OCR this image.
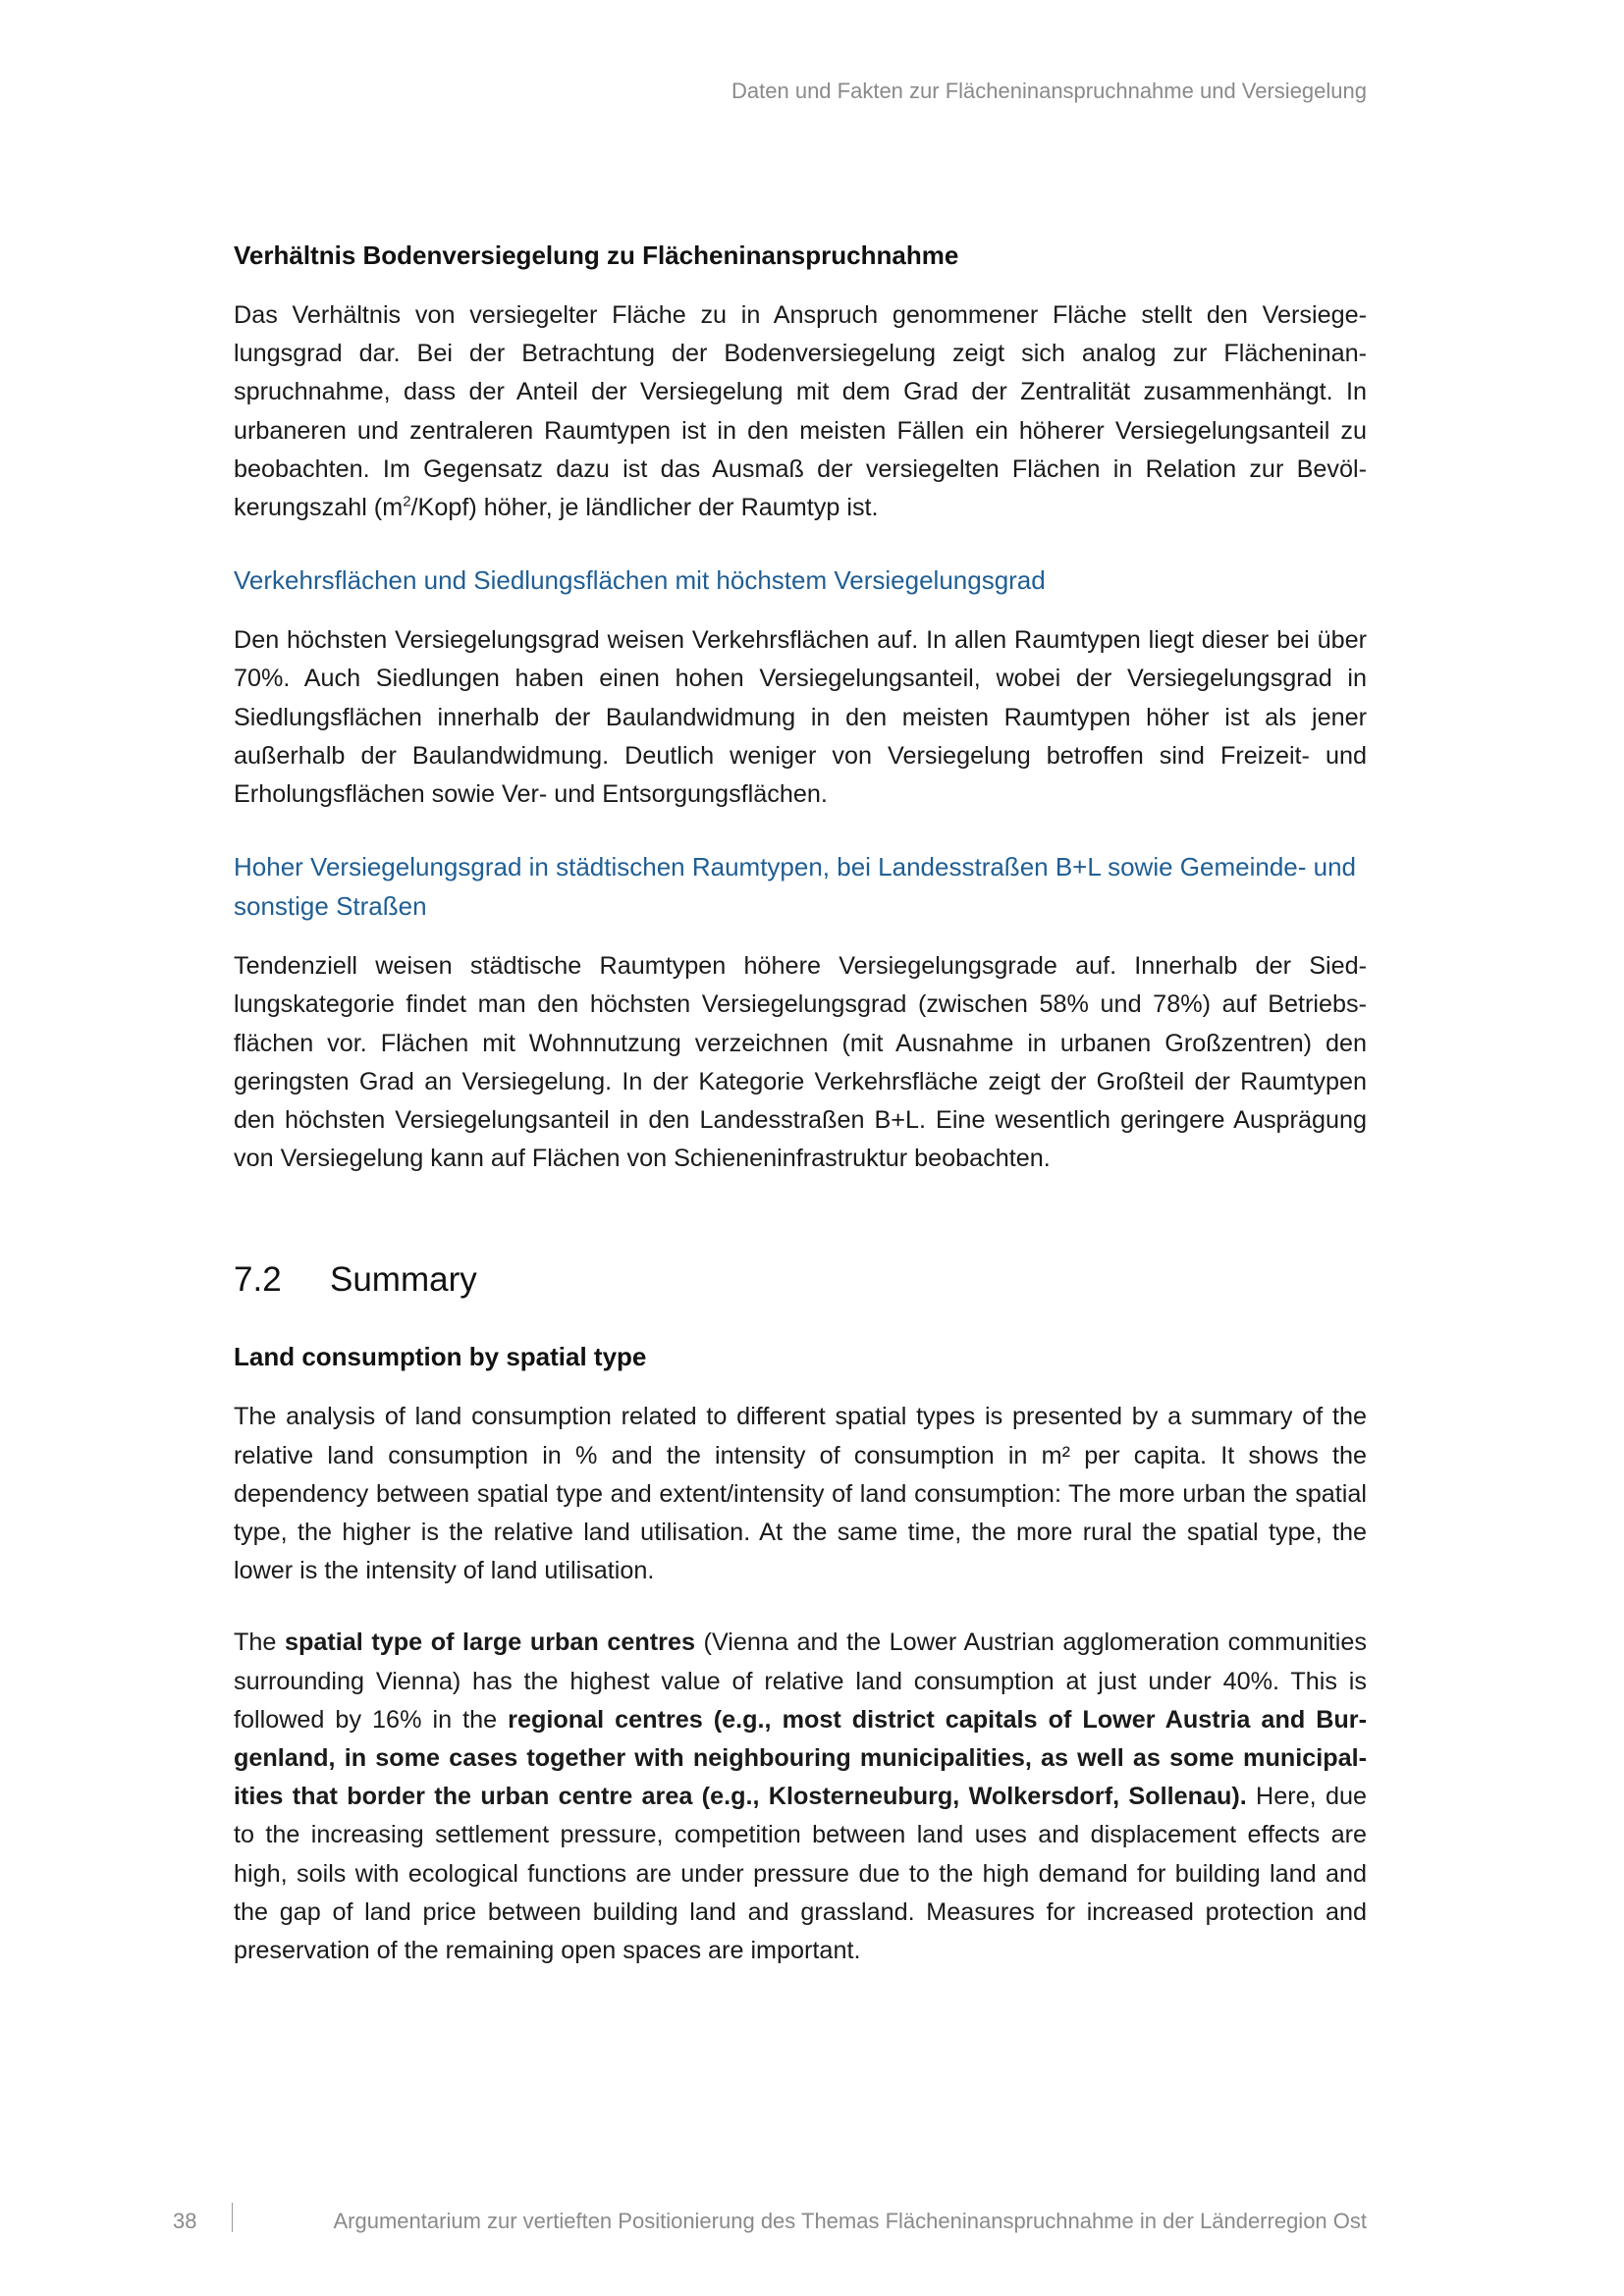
Daten und Fakten zur Flächeninanspruchnahme und Versiegelung
Verhältnis Bodenversiegelung zu Flächeninanspruchnahme

Das Verhältnis von versiegelter Fläche zu in Anspruch genommener Fläche stellt den Versiegelungsgrad dar. Bei der Betrachtung der Bodenversiegelung zeigt sich analog zur Flächeninanspruchnahme, dass der Anteil der Versiegelung mit dem Grad der Zentralität zusammenhängt. In urbaneren und zentraleren Raumtypen ist in den meisten Fällen ein höherer Versiegelungsanteil zu beobachten. Im Gegensatz dazu ist das Ausmaß der versiegelten Flächen in Relation zur Bevölkerungszahl $(m^2/Kopf)$ höher, je ländlicher der Raumtyp ist.

Verkehrsflächen und Siedlungsflächen mit höchstem Versiegelungsgrad

Den höchsten Versiegelungsgrad weisen Verkehrsflächen auf. In allen Raumtypen liegt dieser bei über 70%. Auch Siedlungen haben einen hohen Versiegelungsanteil, wobei der Versiegelungsgrad in Siedlungsflächen innerhalb der Baulandwidmung in den meisten Raumtypen höher ist als jener außerhalb der Baulandwidmung. Deutlich weniger von Versiegelung betroffen sind Freizeit- und Erholungsflächen sowie Ver- und Entsorgungsflächen.

Hoher Versiegelungsgrad in städtischen Raumtypen, bei Landesstraßen B+L sowie Gemeinde- und sonstige Straßen

Tendenziell weisen städtische Raumtypen höhere Versiegelungsgrade auf. Innerhalb der Siedlungskategorie findet man den höchsten Versiegelungsgrad (zwischen 58% und 78%) auf Betriebsflächen vor. Flächen mit Wohnnutzung verzeichnen (mit Ausnahme in urbanen Großzentren) den geringsten Grad an Versiegelung. In der Kategorie Verkehrsfläche zeigt der Großteil der Raumtypen den höchsten Versiegelungsanteil in den Landesstraßen B+L. Eine wesentlich geringere Ausprägung von Versiegelung kann auf Flächen von Schieneninfrastruktur beobachten.

7.2 Summary
Land consumption by spatial type

The analysis of land consumption related to different spatial types is presented by a summary of the relative land consumption in % and the intensity of consumption in m² per capita. It shows the dependency between spatial type and extent/intensity of land consumption: The more urban the spatial type, the higher is the relative land utilisation. At the same time, the more rural the spatial type, the lower is the intensity of land utilisation.

The spatial type of large urban centres (Vienna and the Lower Austrian agglomeration communities surrounding Vienna) has the highest value of relative land consumption at just under 40%. This is followed by 16% in the regional centres (e.g., most district capitals of Lower Austria and Burgenland, in some cases together with neighbouring municipalities, as well as some municipalities that border the urban centre area (e.g., Klosterneuburg, Wolkersdorf, Sollenau). Here, due to the increasing settlement pressure, competition between land uses and displacement effects are high, soils with ecological functions are under pressure due to the high demand for building land and the gap of land price between building land and grassland. Measures for increased protection and preservation of the remaining open spaces are important.

38	Argumentarium zur vertieften Positionierung des Themas Flächeninanspruchnahme in der Länderregion Ost
